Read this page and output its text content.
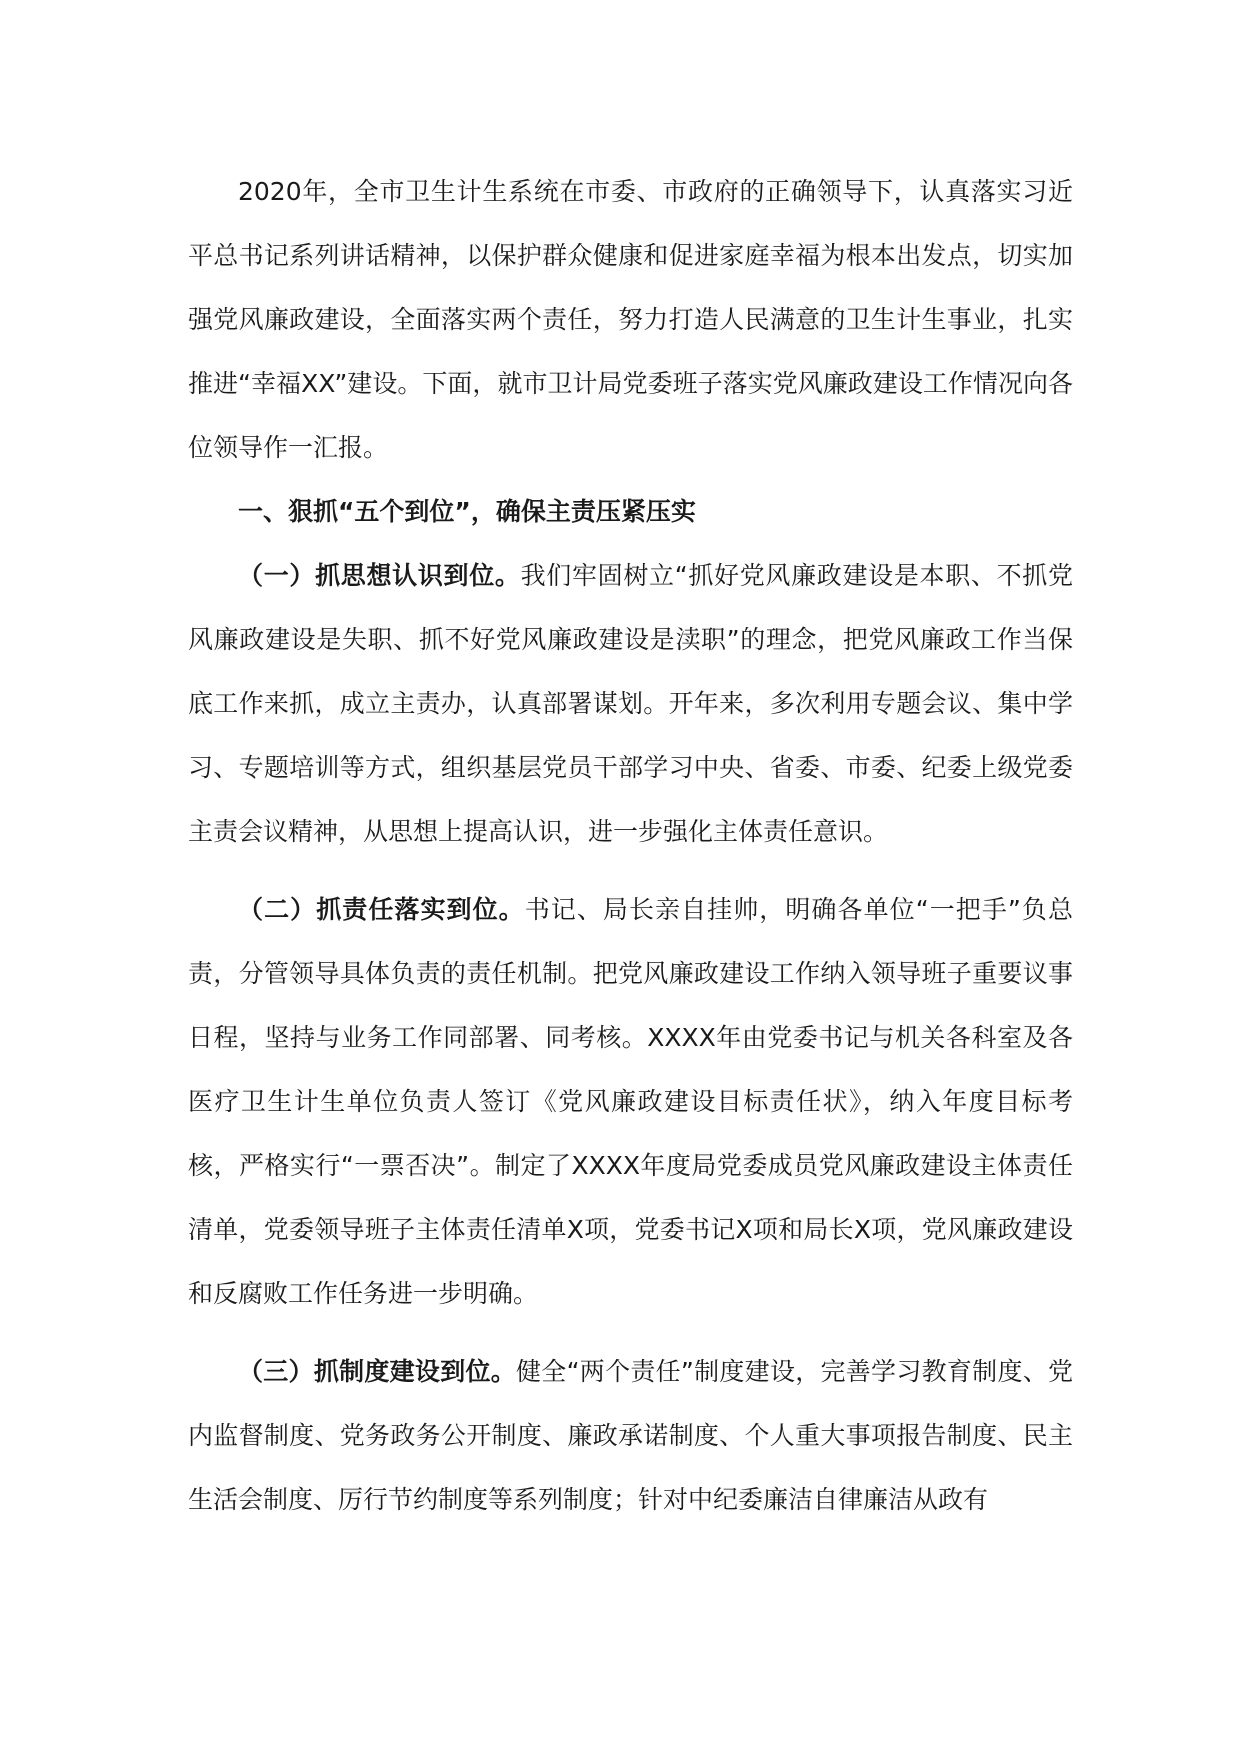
2020年，全市卫生计生系统在市委、市政府的正确领导下，认真落实习近平总书记系列讲话精神，以保护群众健康和促进家庭幸福为根本出发点，切实加强党风廉政建设，全面落实两个责任，努力打造人民满意的卫生计生事业，扎实推进“幸福XX”建设。下面，就市卫计局党委班子落实党风廉政建设工作情况向各位领导作一汇报。

一、狠抓“五个到位”，确保主责压紧压实

（一）抓思想认识到位。我们牢固树立“抓好党风廉政建设是本职、不抓党风廉政建设是失职、抓不好党风廉政建设是渎职”的理念，把党风廉政工作当保底工作来抓，成立主责办，认真部署谋划。开年来，多次利用专题会议、集中学习、专题培训等方式，组织基层党员干部学习中央、省委、市委、纪委上级党委主责会议精神，从思想上提高认识，进一步强化主体责任意识。

（二）抓责任落实到位。书记、局长亲自挂帅，明确各单位“一把手”负总责，分管领导具体负责的责任机制。把党风廉政建设工作纳入领导班子重要议事日程，坚持与业务工作同部署、同考核。XXXX年由党委书记与机关各科室及各医疗卫生计生单位负责人签订《党风廉政建设目标责任状》，纳入年度目标考核，严格实行“一票否决”。制定了XXXX年度局党委成员党风廉政建设主体责任清单，党委领导班子主体责任清单X项，党委书记X项和局长X项，党风廉政建设和反腐败工作任务进一步明确。

（三）抓制度建设到位。健全“两个责任”制度建设，完善学习教育制度、党内监督制度、党务政务公开制度、廉政承诺制度、个人重大事项报告制度、民主生活会制度、厉行节约制度等系列制度；针对中纪委廉洁自律廉洁从政有
